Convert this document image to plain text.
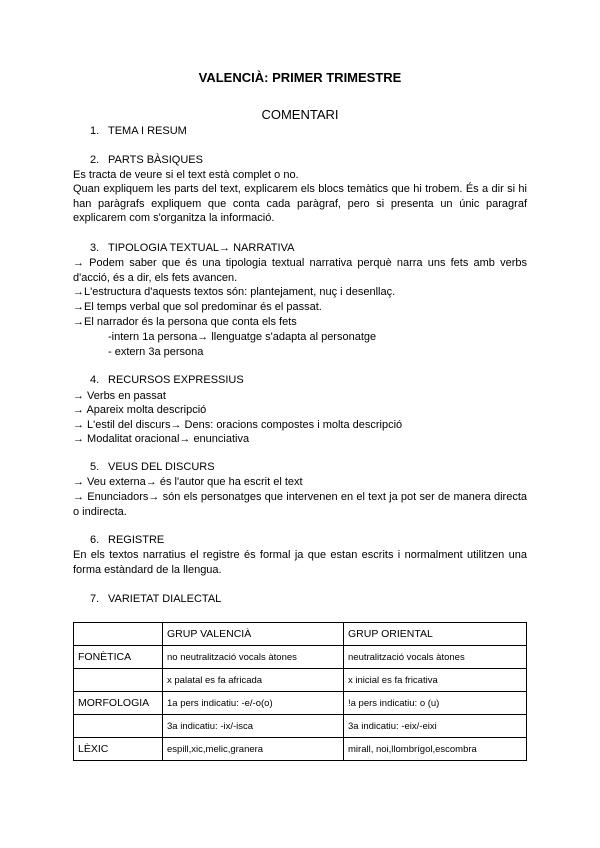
VALENCIÀ: PRIMER TRIMESTRE
COMENTARI
1. TEMA I RESUM
2. PARTS BÀSIQUES
Es tracta de veure si el text està complet o no.
Quan expliquem les parts del text, explicarem els blocs temàtics que hi trobem. És a dir si hi han paràgrafs expliquem que conta cada paràgraf, pero si presenta un únic paragraf explicarem com s'organitza la informació.
3. TIPOLOGIA TEXTUAL→ NARRATIVA
→ Podem saber que és una tipologia textual narrativa perquè narra uns fets amb verbs d'acció, és a dir, els fets avancen.
→L'estructura d'aquests textos són: plantejament, nuç i desenllaç.
→El temps verbal que sol predominar és el passat.
→El narrador és la persona que conta els fets
-intern 1a persona→ llenguatge s'adapta al personatge
- extern 3a persona
4. RECURSOS EXPRESSIUS
→ Verbs en passat
→ Apareix molta descripció
→ L'estil del discurs→ Dens: oracions compostes i molta descripció
→ Modalitat oracional→ enunciativa
5. VEUS DEL DISCURS
→ Veu externa→ és l'autor que ha escrit el text
→ Enunciadors→ són els personatges que intervenen en el text ja pot ser de manera directa o indirecta.
6. REGISTRE
En els textos narratius el registre és formal ja que estan escrits i normalment utilitzen una forma estàndard de la llengua.
7. VARIETAT DIALECTAL
	GRUP VALENCIÀ	GRUP ORIENTAL
FONÈTICA	no neutralització vocals àtones	neutralització vocals àtones
	x palatal es fa africada	x inicial es fa fricativa
MORFOLOGIA	1a pers indicatiu: -e/-o(o)	!a pers indicatiu: o (u)
	3a indicatiu: -ix/-isca	3a indicatiu: -eix/-eixi
LÈXIC	espill,xic,melic,granera	mirall, noi,llombrígol,escombra
